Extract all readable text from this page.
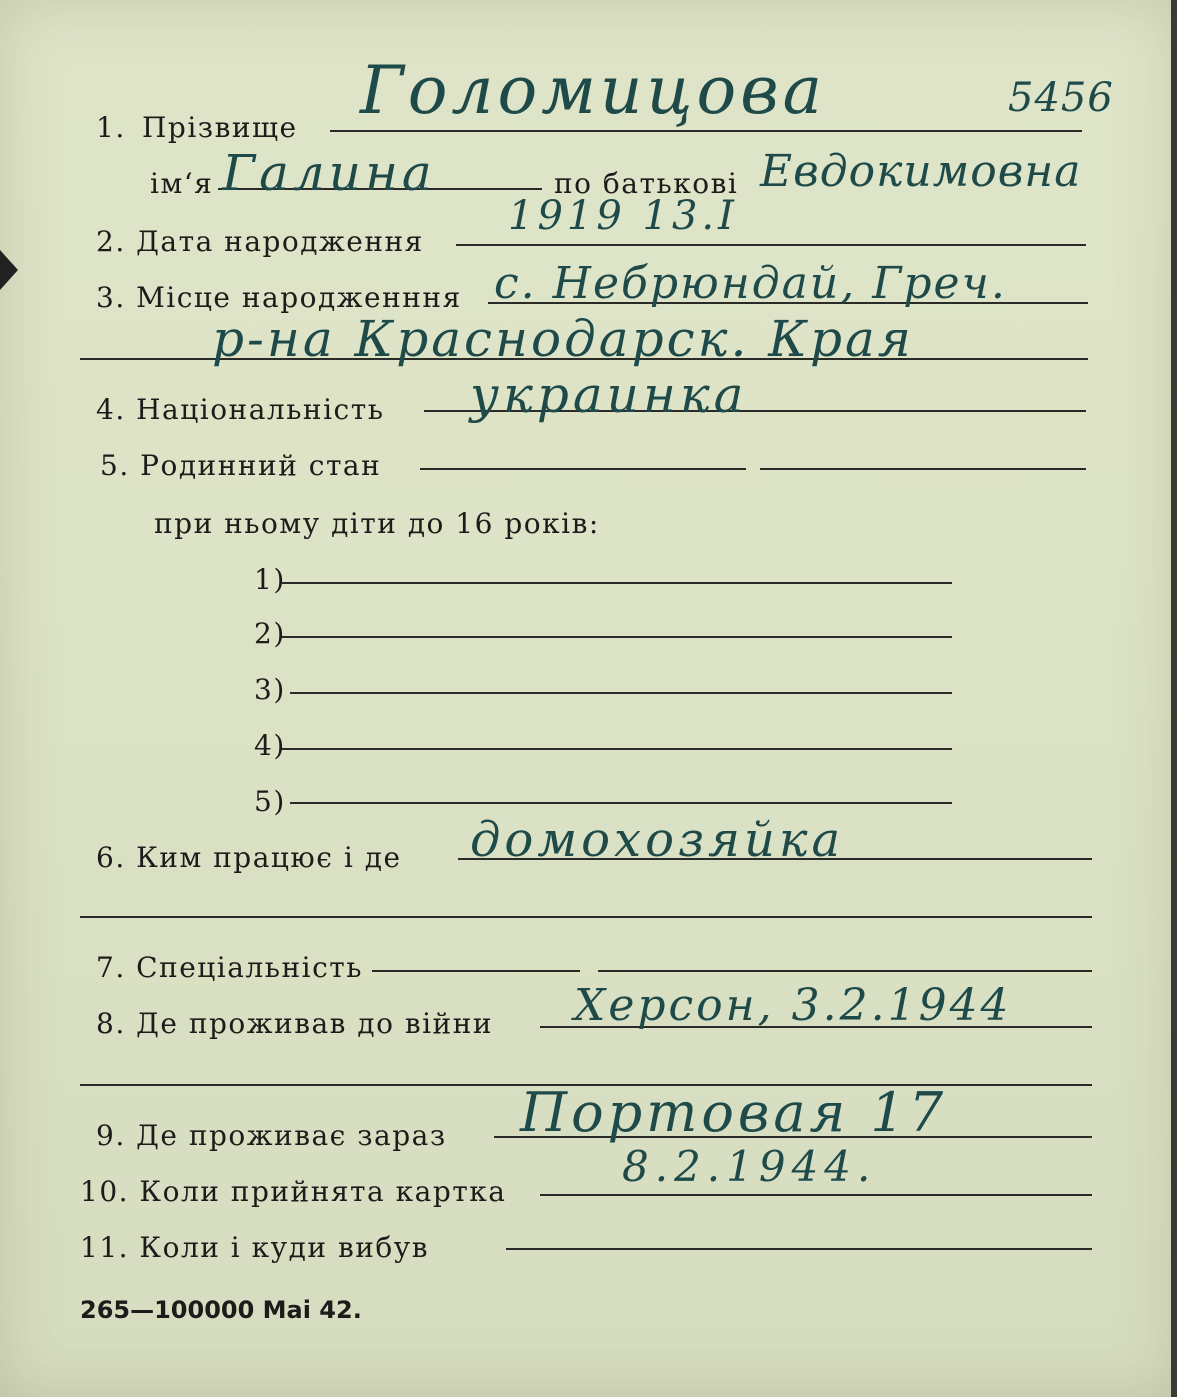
1. Прізвище Голомицова	5456
ім‘я Галина	по батькові Евдокимовна
2. Дата народження
1919 13.I
3. Місце народженння с. Небрюндай, Греч.
р-на Краснодарск. Края
4. Національність украинка
5. Родинний стан
при ньому діти до 16 років:
1)
2)
3)
4)
5)
6. Ким працює і де домохозяйка
7. Спеціальність
8. Де проживав до війни Херсон, 3.2.1944
9. Де проживає зараз Портовая 17
10. Коли прийнята картка
8.2.1944.
11. Коли і куди вибув
265—100000 Mai 42.
